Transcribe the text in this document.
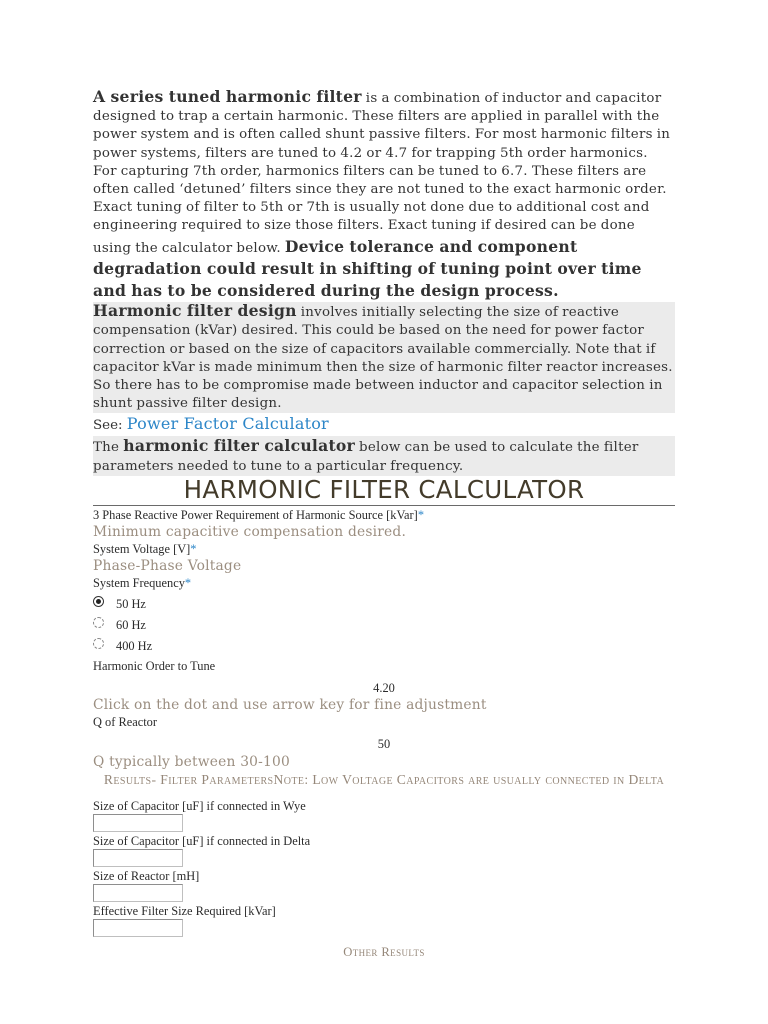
A series tuned harmonic filter is a combination of inductor and capacitor designed to trap a certain harmonic. These filters are applied in parallel with the power system and is often called shunt passive filters. For most harmonic filters in power systems, filters are tuned to 4.2 or 4.7 for trapping 5th order harmonics. For capturing 7th order, harmonics filters can be tuned to 6.7. These filters are often called ‘detuned’ filters since they are not tuned to the exact harmonic order. Exact tuning of filter to 5th or 7th is usually not done due to additional cost and engineering required to size those filters. Exact tuning if desired can be done using the calculator below. Device tolerance and component degradation could result in shifting of tuning point over time and has to be considered during the design process.
Harmonic filter design involves initially selecting the size of reactive compensation (kVar) desired. This could be based on the need for power factor correction or based on the size of capacitors available commercially. Note that if capacitor kVar is made minimum then the size of harmonic filter reactor increases. So there has to be compromise made between inductor and capacitor selection in shunt passive filter design.
See: Power Factor Calculator
The harmonic filter calculator below can be used to calculate the filter parameters needed to tune to a particular frequency.
HARMONIC FILTER CALCULATOR
3 Phase Reactive Power Requirement of Harmonic Source [kVar]*
Minimum capacitive compensation desired.
System Voltage [V]*
Phase-Phase Voltage
System Frequency*
50 Hz
60 Hz
400 Hz
Harmonic Order to Tune
4.20
Click on the dot and use arrow key for fine adjustment
Q of Reactor
50
Q typically between 30-100
Results- Filter ParametersNote: Low Voltage Capacitors are usually connected in Delta
Size of Capacitor [uF] if connected in Wye
Size of Capacitor [uF] if connected in Delta
Size of Reactor [mH]
Effective Filter Size Required [kVar]
Other Results
